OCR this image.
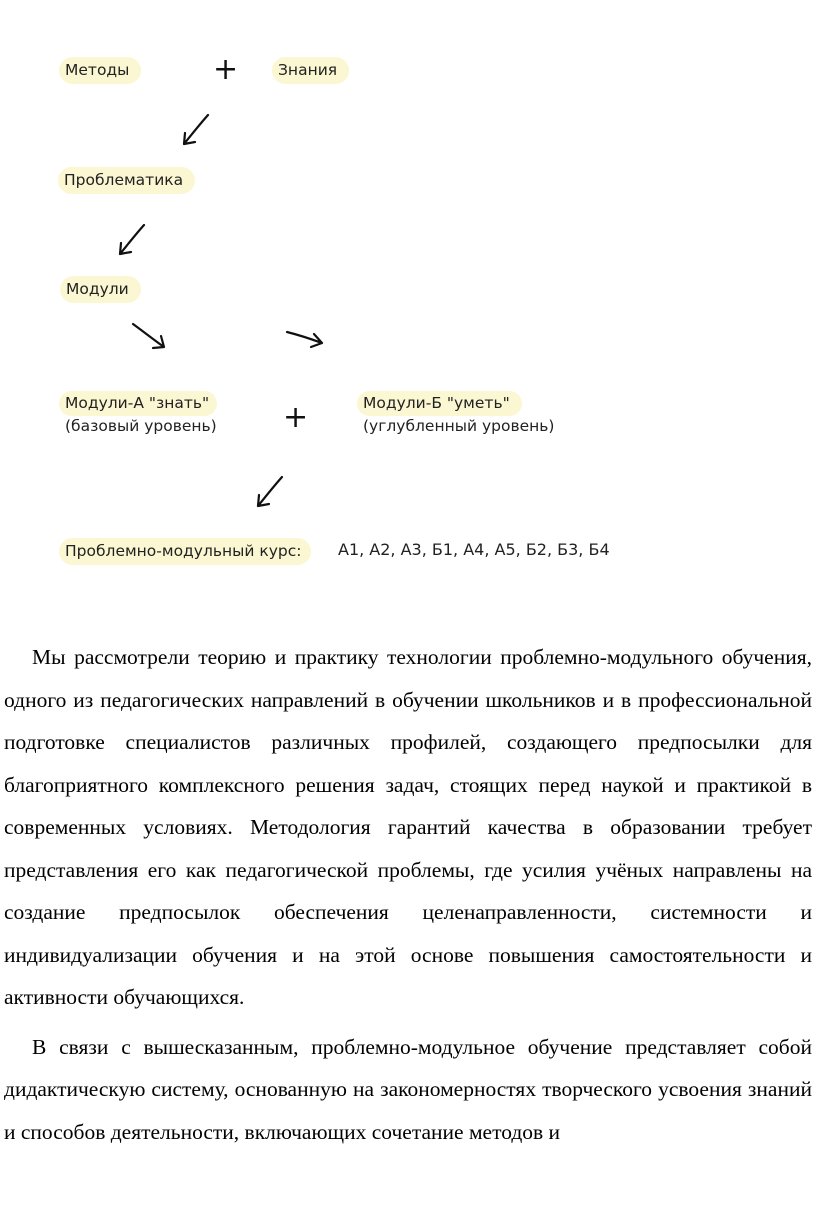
Методы	+	Знания
Проблематика
Модули
Модули-А "знать"
(базовый уровень) +	Модули-Б "уметь"
(углубленный уровень)
Проблемно-модульный курс:	А1, А2, А3, Б1, А4, А5, Б2, Б3, Б4

Мы рассмотрели теорию и практику технологии проблемно-модульного обучения, одного из педагогических направлений в обучении школьников и в профессиональной подготовке специалистов различных профилей, создающего предпосылки для благоприятного комплексного решения задач, стоящих перед наукой и практикой в современных условиях. Методология гарантий качества в образовании требует представления его как педагогической проблемы, где усилия учёных направлены на создание предпосылок обеспечения целенаправленности, системности и индивидуализации обучения и на этой основе повышения самостоятельности и активности обучающихся.

В связи с вышесказанным, проблемно-модульное обучение представляет собой дидактическую систему, основанную на закономерностях творческого усвоения знаний и способов деятельности, включающих сочетание методов и
